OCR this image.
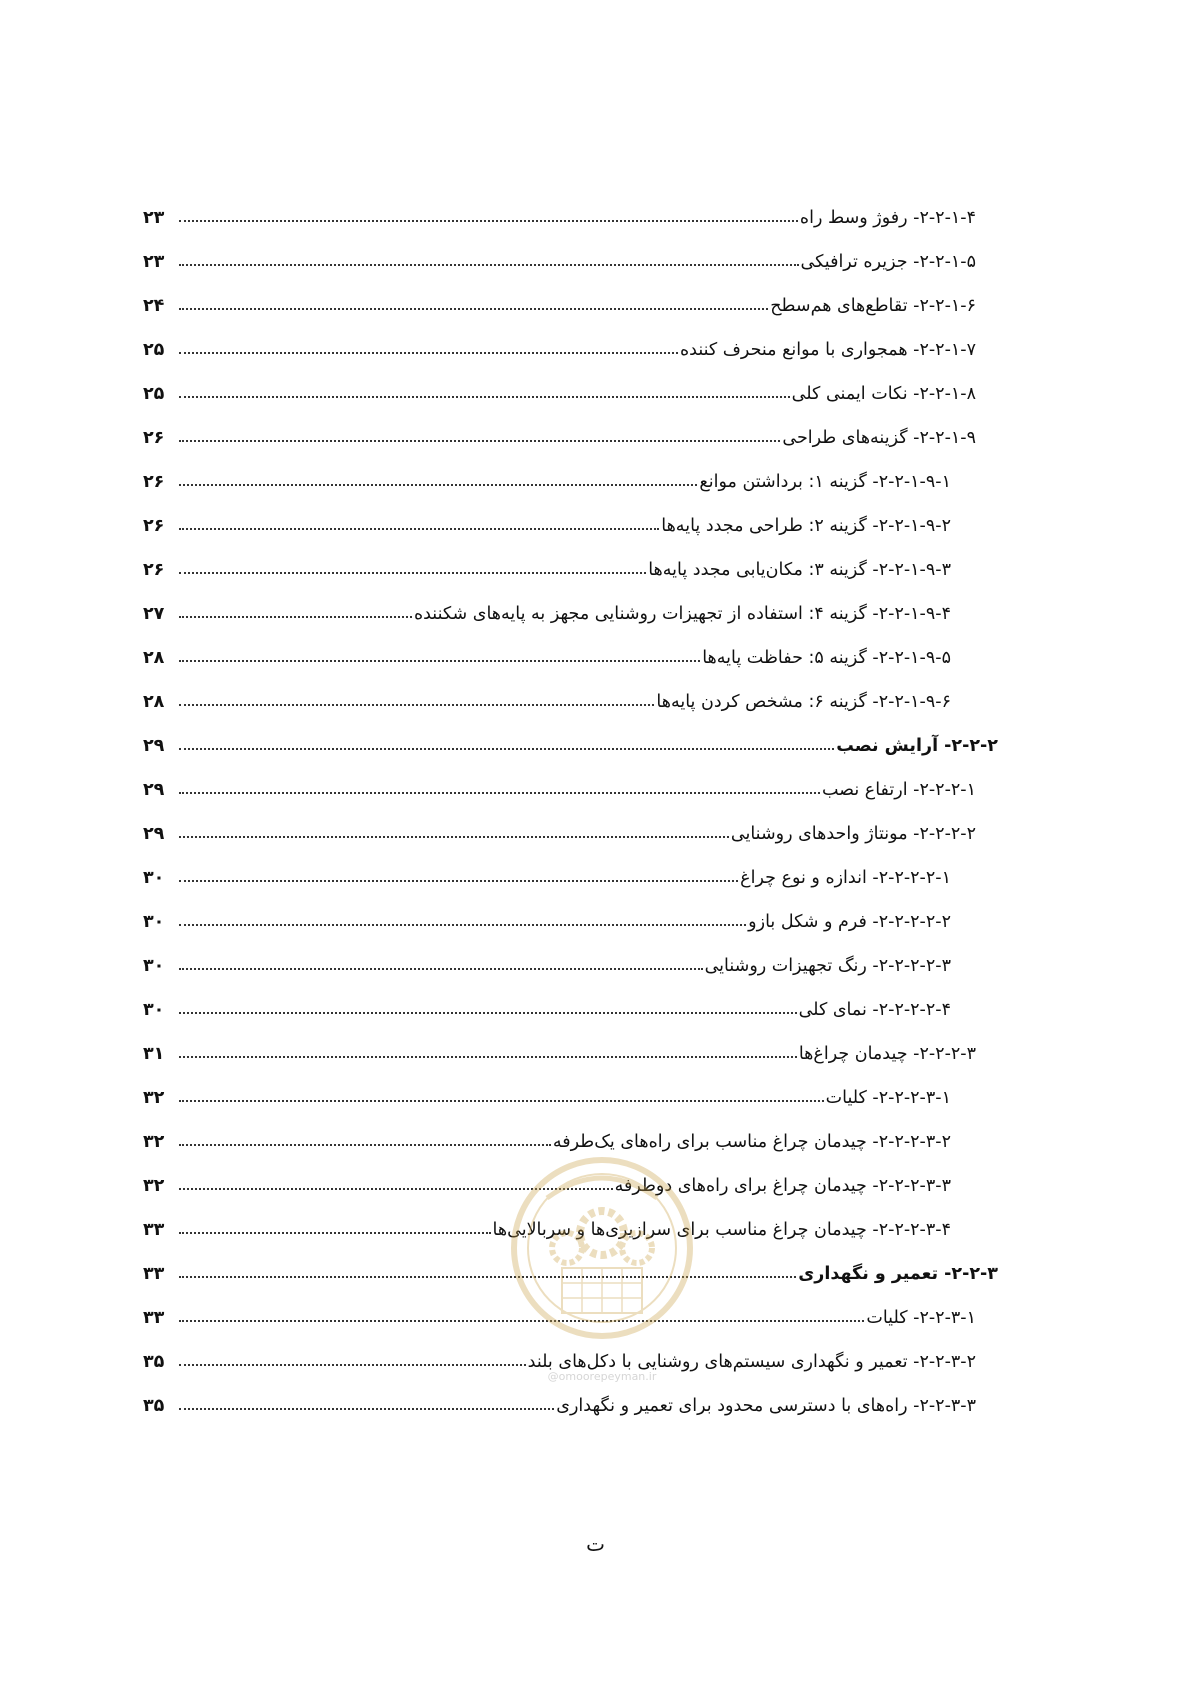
۲-۲-۱-۴- رفوژ وسط راه
۲۳
۲-۲-۱-۵- جزیره ترافیکی
۲۳
۲-۲-۱-۶- تقاطع‌های هم‌سطح
۲۴
۲-۲-۱-۷- همجواری با موانع منحرف کننده
۲۵
۲-۲-۱-۸- نکات ایمنی کلی
۲۵
۲-۲-۱-۹- گزینه‌های طراحی
۲۶
۲-۲-۱-۹-۱- گزینه ۱: برداشتن موانع
۲۶
۲-۲-۱-۹-۲- گزینه ۲: طراحی مجدد پایه‌ها
۲۶
۲-۲-۱-۹-۳- گزینه ۳: مکان‌یابی مجدد پایه‌ها
۲۶
۲-۲-۱-۹-۴- گزینه ۴: استفاده از تجهیزات روشنایی مجهز به پایه‌های شکننده
۲۷
۲-۲-۱-۹-۵- گزینه ۵: حفاظت پایه‌ها
۲۸
۲-۲-۱-۹-۶- گزینه ۶: مشخص کردن پایه‌ها
۲۸
۲-۲-۲- آرایش نصب
۲۹
۲-۲-۲-۱- ارتفاع نصب
۲۹
۲-۲-۲-۲- مونتاژ واحدهای روشنایی
۲۹
۲-۲-۲-۲-۱- اندازه و نوع چراغ
۳۰
۲-۲-۲-۲-۲- فرم و شکل بازو
۳۰
۲-۲-۲-۲-۳- رنگ تجهیزات روشنایی
۳۰
۲-۲-۲-۲-۴- نمای کلی
۳۰
۲-۲-۲-۳- چیدمان چراغ‌ها
۳۱
۲-۲-۲-۳-۱- کلیات
۳۲
۲-۲-۲-۳-۲- چیدمان چراغ مناسب برای راه‌های یک‌طرفه
۳۲
۲-۲-۲-۳-۳- چیدمان چراغ برای راه‌های دوطرفه
۳۲
۲-۲-۲-۳-۴- چیدمان چراغ مناسب برای سرازیری‌ها و سربالایی‌ها
۳۳
۲-۲-۳- تعمیر و نگهداری
۳۳
۲-۲-۳-۱- کلیات
۳۳
۲-۲-۳-۲- تعمیر و نگهداری سیستم‌های روشنایی با دکل‌های بلند
۳۵
۲-۲-۳-۳- راه‌های با دسترسی محدود برای تعمیر و نگهداری
۳۵
@omoorepeyman.ir
ت
